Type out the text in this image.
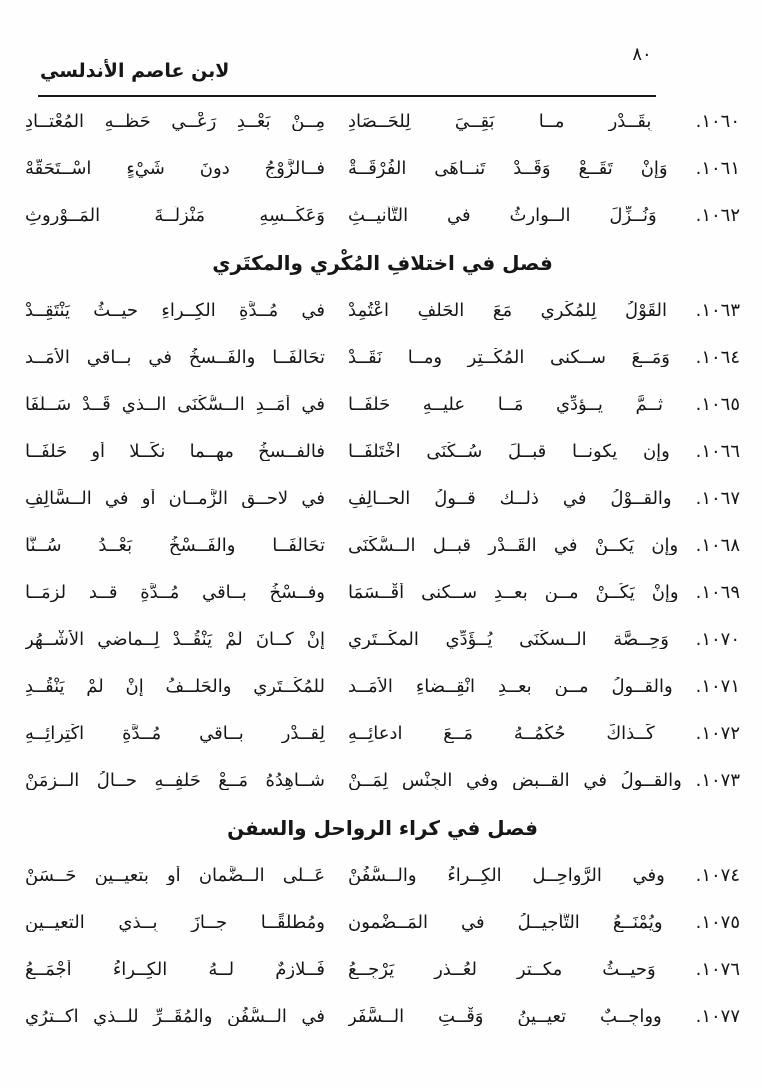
لابن عاصم الأندلسي
٨٠
١٠٦٠. بِقَــدْرِ مــا بَقِــيَ لِلْحَــصَادِ
مِــنْ بَعْــدِ رَعْــيِ حَظِّــهِ الْمُعْتــادِ
١٠٦١. وَإِنْ تَقَــعْ وَقَــدْ تَنــاهَى الفُرْقَــةْ
فــالزَّوْجُ دونَ شَيْءٍ اسْــتَحَقَّهْ
١٠٦٢. وَنُــزِّلَ الــوارِثُ في التَّأْنيــثِ
وَعَكْــسِهِ مَنْزِلَــةَ الْمَــوْروثِ
فصل في اختلافِ المُكْري والمكتَري
١٠٦٣. القَوْلُ لِلْمُكْري مَعَ الْحَلْفِ اعْتُمِدْ
في مُــدَّةِ الكِــراءِ حيــثُ يَنْتَقِــدْ
١٠٦٤. وَمَــعَ ســكنى المُكْــتِر ومــا نَقَــدْ
تحَالَفَــا والفَــسخُ في بــاقي الأَمَــد
١٠٦٥. ثــمَّ يــؤدِّي مَــا عليــهِ حَلَفَــا
في أَمَــدِ الــسُّكْنَى الــذي قَــدْ سَــلَفَا
١٠٦٦. وإن يكونــا قبــلَ سُــكْنَى اخْتَلَفَــا
فالفــسخُ مهــما نكَــلا أو حَلَفَــا
١٠٦٧. والقــوْلُ في ذلــك قــولُ الحــالِفِ
في لاحــقِ الزَّمــانِ أو في الــسَّالِفِ
١٠٦٨. وإن يَكــنْ في القَــدْرِ قبــل الــسُّكْنَى
تحَالَفَــا والفَــسْخُ بَعْــدُ سُــنَّا
١٠٦٩. وإنْ يَكُــنْ مــن بعــدِ ســكنى أَقْــسَمَا
وفــسْخُ بــاقي مُــدَّةٍ قــد لزِمَــا
١٠٧٠. وَحِــصَّة الــسكْنَى يُــؤَدِّي المكْــتَري
إنْ كــانَ لَمْ يَنْقُــدْ لِــماضي الأَشْــهُرِ
١٠٧١. والقــولُ مــن بعــدِ انْقِــضاءِ الأَمَــد
للمُكْــتَري والحَلْــفُ إنْ لَمْ يَنْقُــدِ
١٠٧٢. كَــذاكَ حُكْمُــهُ مَــعَ ادعائِــهِ
لِقــدْرِ بــاقي مُــدَّةِ اكْتِرائِــهِ
١٠٧٣. والقــولُ في القــبضِ وفي الجِنْسِ لِمَــنْ
شــاهِدُهُ مَــعْ حَلْفِــهِ حــالُ الــزمَنْ
فصل في كراء الرواحل والسفن
١٠٧٤. وفي الرَّواحِــلِ الكِــراءُ والــسُّفُنْ
عَــلَى الــضَّمانِ أو بتعيــينِ حَــسَنْ
١٠٧٥. ويُمْنَــعُ التَّأجيــلُ في المَــضْمونِ
ومُطْلَقًــا جــازَ بِــذي التعيــين
١٠٧٦. وَحيــثُ مكــترٍ لعُــذرٍ يَرْجِــعُ
فَــلازِمٌ لــهُ الكِــراءُ أَجْمَــعُ
١٠٧٧. وواجِــبٌ تعيــينُ وَقْــتِ الــسَّفَرِ
في الــسُّفُنِ والمُقَــرِّ للَّــذي اكــترُي
